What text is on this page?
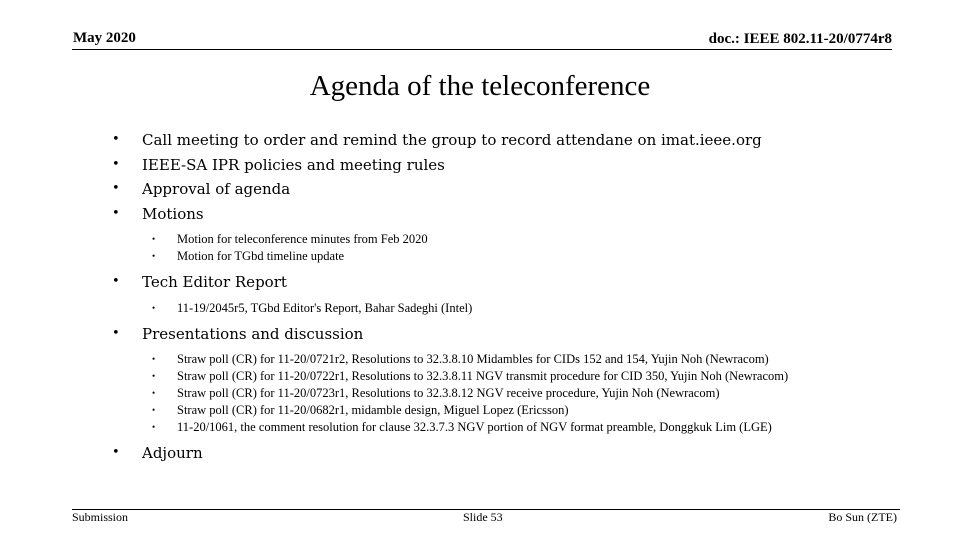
May 2020	doc.: IEEE 802.11-20/0774r8
Agenda of the teleconference
• Call meeting to order and remind the group to record attendane on imat.ieee.org
• IEEE-SA IPR policies and meeting rules
• Approval of agenda
• Motions
• Motion for teleconference minutes from Feb 2020
• Motion for TGbd timeline update
• Tech Editor Report
• 11-19/2045r5, TGbd Editor's Report, Bahar Sadeghi (Intel)
• Presentations and discussion
• Straw poll (CR) for 11-20/0721r2, Resolutions to 32.3.8.10 Midambles for CIDs 152 and 154, Yujin Noh (Newracom)
• Straw poll (CR) for 11-20/0722r1, Resolutions to 32.3.8.11 NGV transmit procedure for CID 350, Yujin Noh (Newracom)
• Straw poll (CR) for 11-20/0723r1, Resolutions to 32.3.8.12 NGV receive procedure, Yujin Noh (Newracom)
• Straw poll (CR) for 11-20/0682r1, midamble design, Miguel Lopez (Ericsson)
• 11-20/1061, the comment resolution for clause 32.3.7.3 NGV portion of NGV format preamble, Donggkuk Lim (LGE)
• Adjourn
Submission	Slide 53	Bo Sun (ZTE)
